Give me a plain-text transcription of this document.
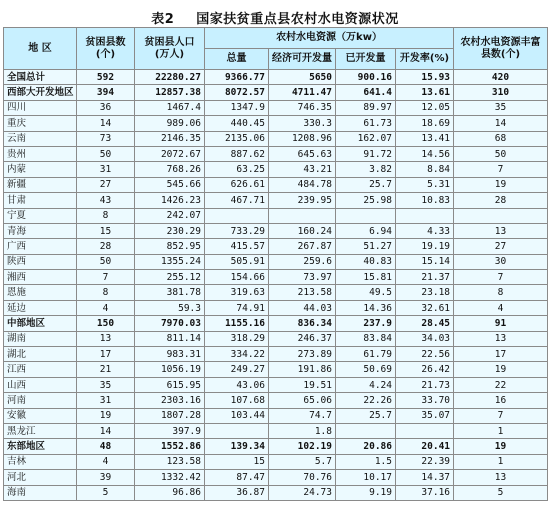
表2 国家扶贫重点县农村水电资源状况
地 区	贫困县数(个)	贫困县人口(万人)	农村水电资源（万kw）				农村水电资源丰富县数(个)
			总量	经济可开发量	已开发量	开发率(%)	
全国总计	592	22280.27	9366.77	5650	900.16	15.93	420
西部大开发地区	394	12857.38	8072.57	4711.47	641.4	13.61	310
四川	36	1467.4	1347.9	746.35	89.97	12.05	35
重庆	14	989.06	440.45	330.3	61.73	18.69	14
云南	73	2146.35	2135.06	1208.96	162.07	13.41	68
贵州	50	2072.67	887.62	645.63	91.72	14.56	50
内蒙	31	768.26	63.25	43.21	3.82	8.84	7
新疆	27	545.66	626.61	484.78	25.7	5.31	19
甘肃	43	1426.23	467.71	239.95	25.98	10.83	28
宁夏	8	242.07					
青海	15	230.29	733.29	160.24	6.94	4.33	13
广西	28	852.95	415.57	267.87	51.27	19.19	27
陕西	50	1355.24	505.91	259.6	40.83	15.14	30
湘西	7	255.12	154.66	73.97	15.81	21.37	7
恩施	8	381.78	319.63	213.58	49.5	23.18	8
延边	4	59.3	74.91	44.03	14.36	32.61	4
中部地区	150	7970.03	1155.16	836.34	237.9	28.45	91
湖南	13	811.14	318.29	246.37	83.84	34.03	13
湖北	17	983.31	334.22	273.89	61.79	22.56	17
江西	21	1056.19	249.27	191.86	50.69	26.42	19
山西	35	615.95	43.06	19.51	4.24	21.73	22
河南	31	2303.16	107.68	65.06	22.26	33.70	16
安徽	19	1807.28	103.44	74.7	25.7	35.07	7
黑龙江	14	397.9		1.8			1
东部地区	48	1552.86	139.34	102.19	20.86	20.41	19
吉林	4	123.58	15	5.7	1.5	22.39	1
河北	39	1332.42	87.47	70.76	10.17	14.37	13
海南	5	96.86	36.87	24.73	9.19	37.16	5
